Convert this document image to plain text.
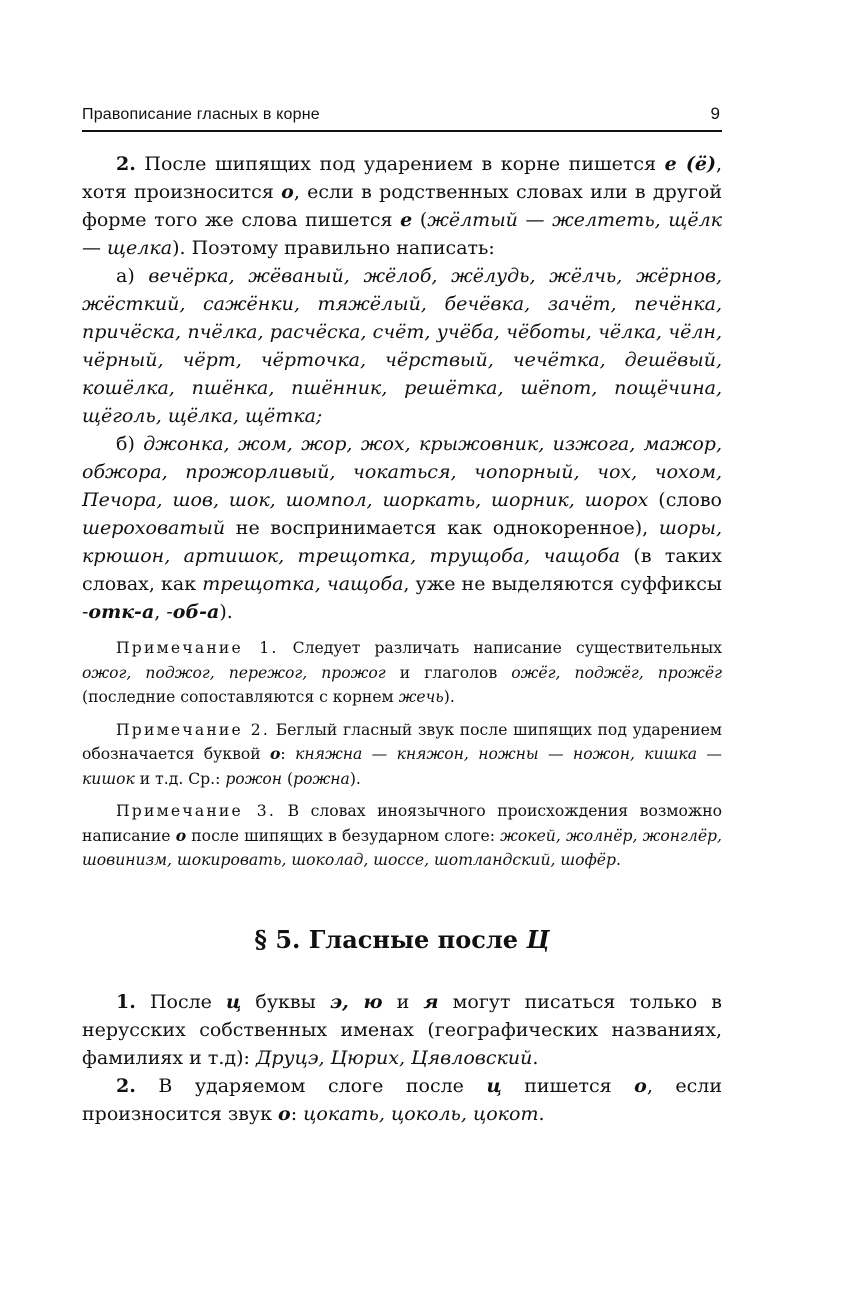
Правописание гласных в корне	9

2. После шипящих под ударением в корне пишется е (ё), хотя произносится о, если в родственных словах или в другой форме того же слова пишется е (жёлтый — желтеть, щёлк — щелка). Поэтому правильно написать:

а) вечёрка, жёваный, жёлоб, жёлудь, жёлчь, жёрнов, жёсткий, сажёнки, тяжёлый, бечёвка, зачёт, печёнка, причёска, пчёлка, расчёска, счёт, учёба, чёботы, чёлка, чёлн, чёрный, чёрт, чёрточка, чёрствый, чечётка, дешёвый, кошёлка, пшёнка, пшённик, решётка, шёпот, пощёчина, щёголь, щёлка, щётка;

б) джонка, жом, жор, жох, крыжовник, изжога, мажор, обжора, прожорливый, чокаться, чопорный, чох, чохом, Печора, шов, шок, шомпол, шоркать, шорник, шорох (слово шероховатый не воспринимается как однокоренное), шоры, крюшон, артишок, трещотка, трущоба, чащоба (в таких словах, как трещотка, чащоба, уже не выделяются суффиксы -отк-а, -об-а).

Примечание 1. Следует различать написание существительных ожог, поджог, пережог, прожог и глаголов ожёг, поджёг, прожёг (последние сопоставляются с корнем жечь).

Примечание 2. Беглый гласный звук после шипящих под ударением обозначается буквой о: княжна — княжон, ножны — ножон, кишка — кишок и т.д. Ср.: рожон (рожна).

Примечание 3. В словах иноязычного происхождения возможно написание о после шипящих в безударном слоге: жокей, жолнёр, жонглёр, шовинизм, шокировать, шоколад, шоссе, шотландский, шофёр.

§ 5. Гласные после Ц

1. После ц буквы э, ю и я могут писаться только в нерусских собственных именах (географических названиях, фамилиях и т.д): Друцэ, Цюрих, Цявловский.

2. В ударяемом слоге после ц пишется о, если произносится звук о: цокать, цоколь, цокот.
